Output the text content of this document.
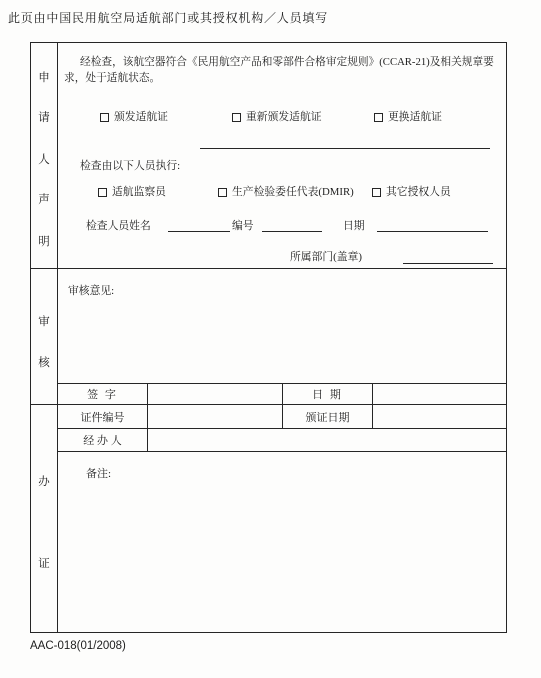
此页由中国民用航空局适航部门或其授权机构／人员填写
申
请
人
声
明
经检查，该航空器符合《民用航空产品和零部件合格审定规则》(CCAR-21)及相关规章要
求，处于适航状态。
颁发适航证	重新颁发适航证	更换适航证
检查由以下人员执行:
适航监察员	生产检验委任代表(DMIR)	其它授权人员
检查人员姓名	编号	日期
所属部门(盖章)
审
核
审核意见:
签 字	日 期
办
证
证件编号	颁证日期
经 办 人
备注:
AAC-018(01/2008)
